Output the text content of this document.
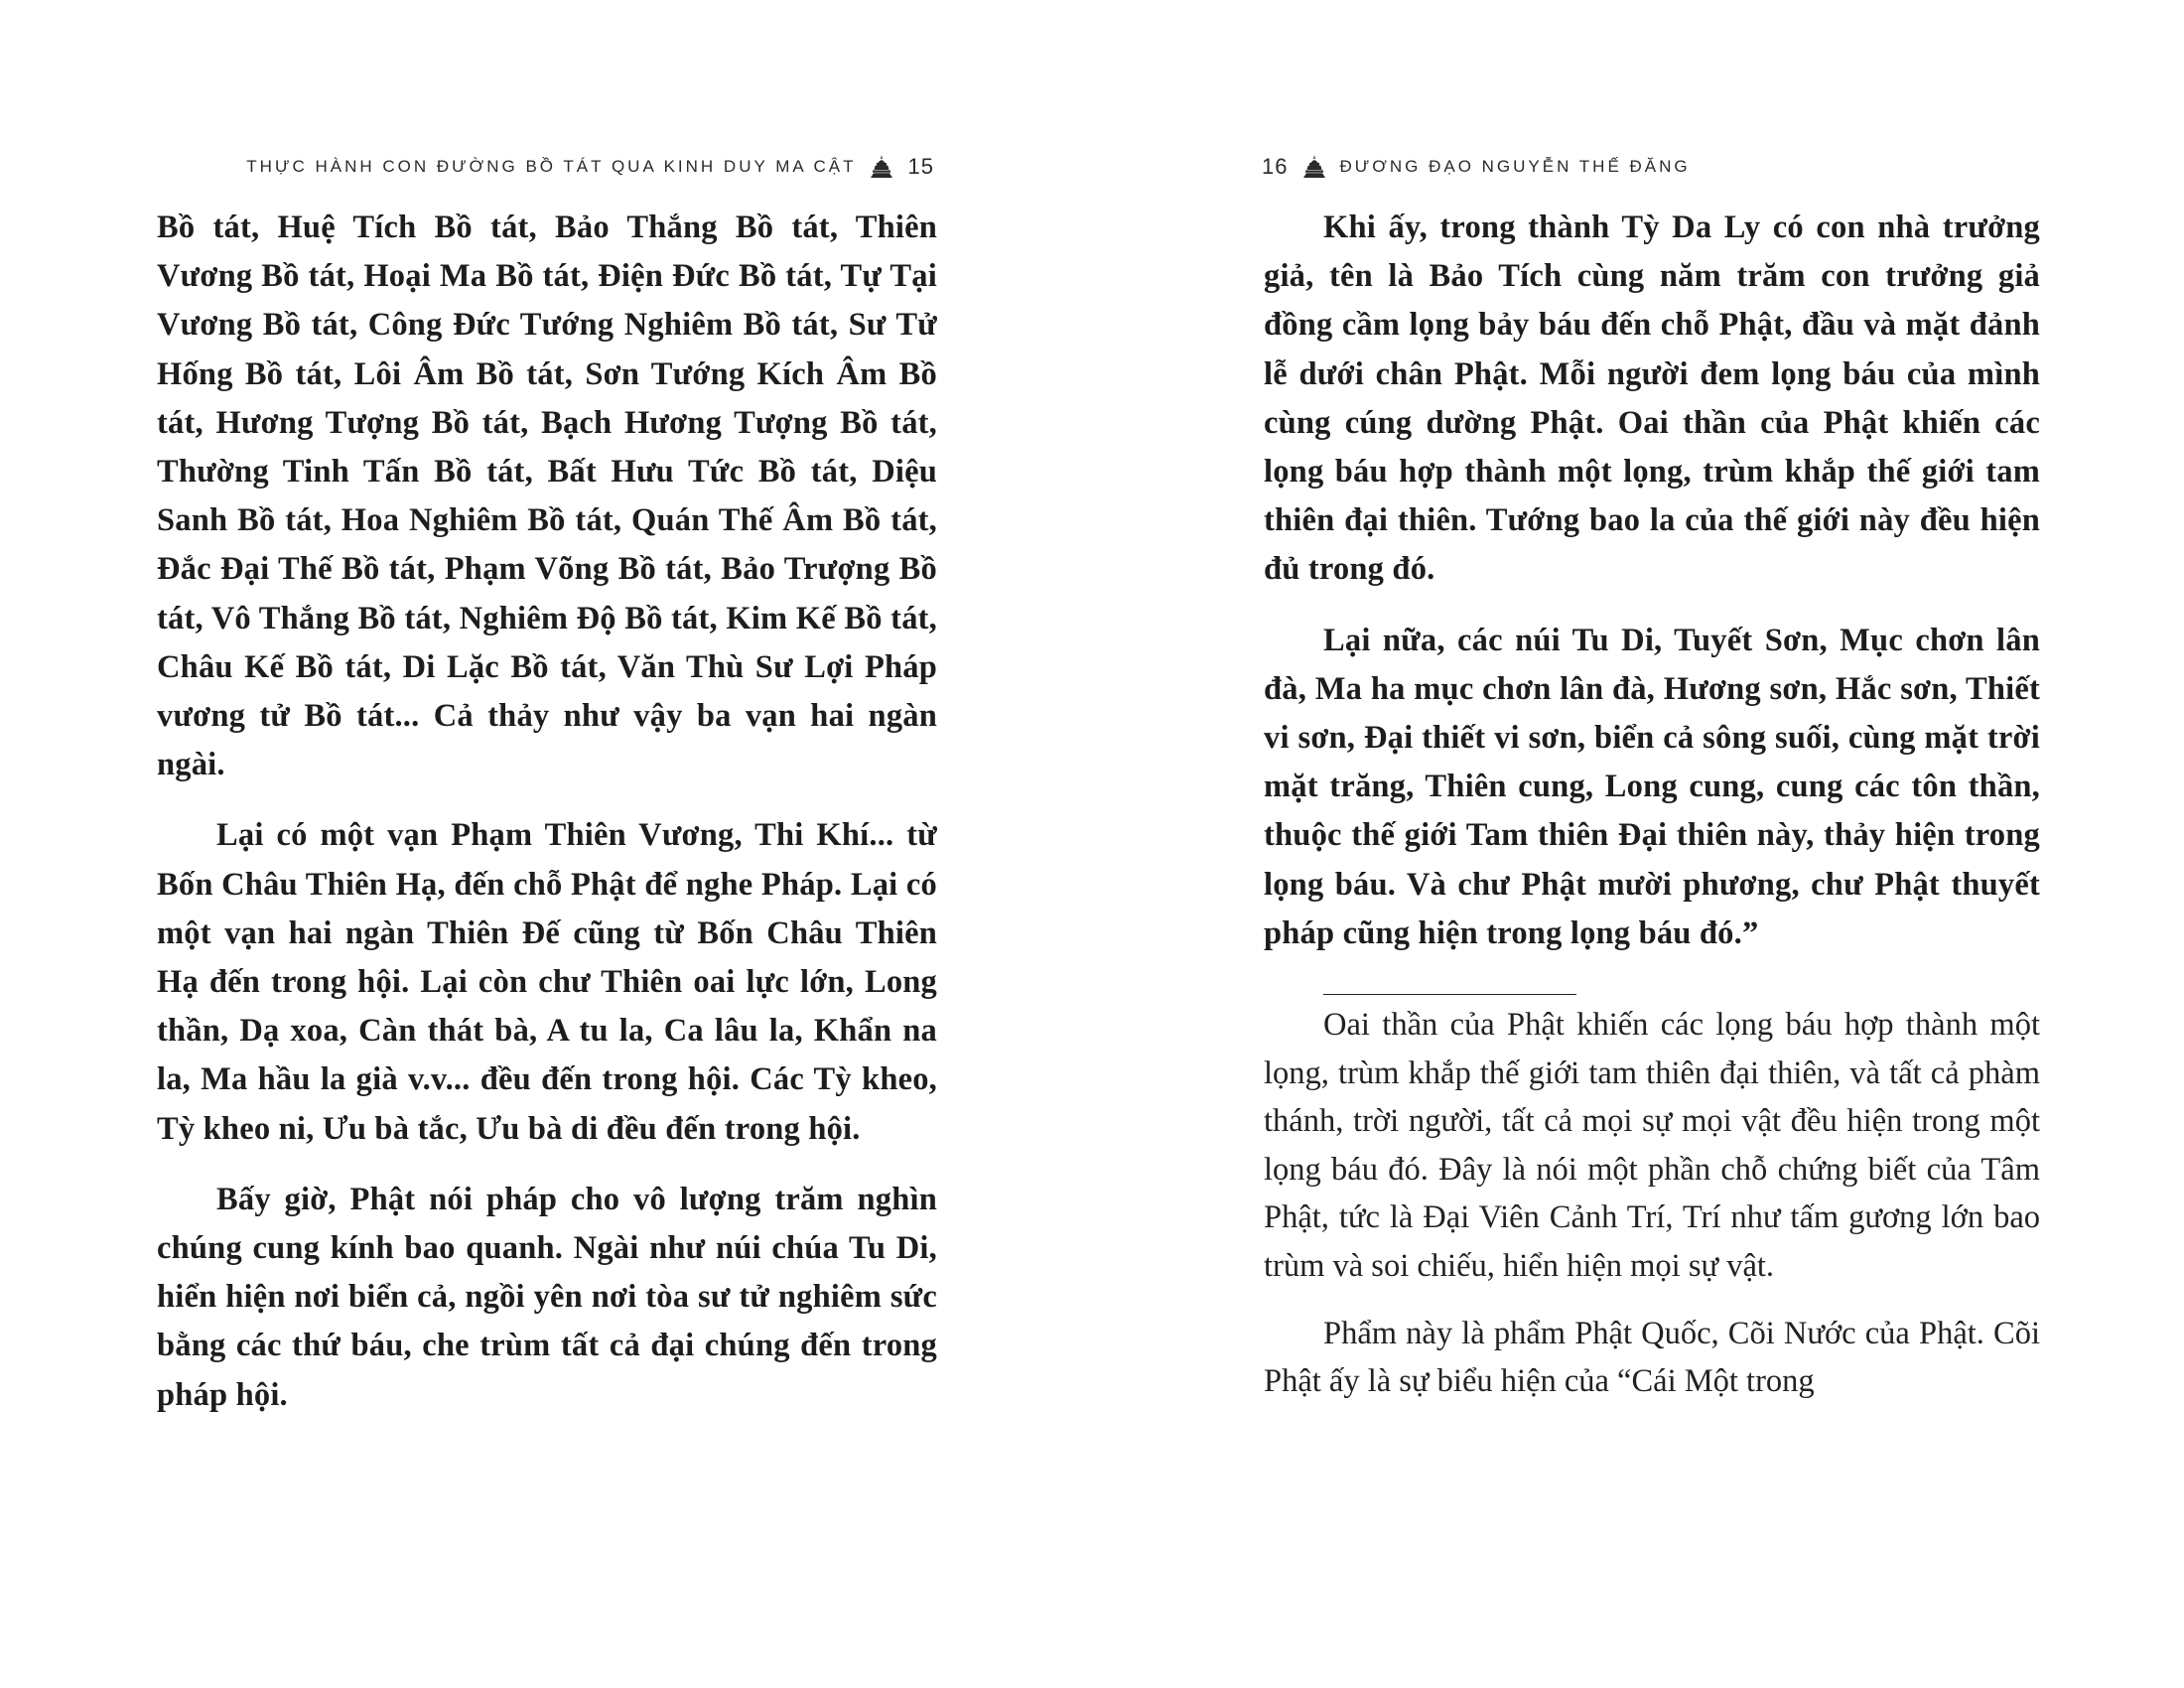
THỰC HÀNH CON ĐƯỜNG BỒ TÁT QUA KINH DUY MA CẬT 15

Bồ tát, Huệ Tích Bồ tát, Bảo Thắng Bồ tát, Thiên Vương Bồ tát, Hoại Ma Bồ tát, Điện Đức Bồ tát, Tự Tại Vương Bồ tát, Công Đức Tướng Nghiêm Bồ tát, Sư Tử Hống Bồ tát, Lôi Âm Bồ tát, Sơn Tướng Kích Âm Bồ tát, Hương Tượng Bồ tát, Bạch Hương Tượng Bồ tát, Thường Tinh Tấn Bồ tát, Bất Hưu Tức Bồ tát, Diệu Sanh Bồ tát, Hoa Nghiêm Bồ tát, Quán Thế Âm Bồ tát, Đắc Đại Thế Bồ tát, Phạm Võng Bồ tát, Bảo Trượng Bồ tát, Vô Thắng Bồ tát, Nghiêm Độ Bồ tát, Kim Kế Bồ tát, Châu Kế Bồ tát, Di Lặc Bồ tát, Văn Thù Sư Lợi Pháp vương tử Bồ tát... Cả thảy như vậy ba vạn hai ngàn ngài.

Lại có một vạn Phạm Thiên Vương, Thi Khí... từ Bốn Châu Thiên Hạ, đến chỗ Phật để nghe Pháp. Lại có một vạn hai ngàn Thiên Đế cũng từ Bốn Châu Thiên Hạ đến trong hội. Lại còn chư Thiên oai lực lớn, Long thần, Dạ xoa, Càn thát bà, A tu la, Ca lâu la, Khẩn na la, Ma hầu la già v.v... đều đến trong hội. Các Tỳ kheo, Tỳ kheo ni, Ưu bà tắc, Ưu bà di đều đến trong hội.

Bấy giờ, Phật nói pháp cho vô lượng trăm nghìn chúng cung kính bao quanh. Ngài như núi chúa Tu Di, hiển hiện nơi biển cả, ngồi yên nơi tòa sư tử nghiêm sức bằng các thứ báu, che trùm tất cả đại chúng đến trong pháp hội.

16	ĐƯƠNG ĐẠO NGUYỄN THẾ ĐĂNG

Khi ấy, trong thành Tỳ Da Ly có con nhà trưởng giả, tên là Bảo Tích cùng năm trăm con trưởng giả đồng cầm lọng bảy báu đến chỗ Phật, đầu và mặt đảnh lễ dưới chân Phật. Mỗi người đem lọng báu của mình cùng cúng dường Phật. Oai thần của Phật khiến các lọng báu hợp thành một lọng, trùm khắp thế giới tam thiên đại thiên. Tướng bao la của thế giới này đều hiện đủ trong đó.

Lại nữa, các núi Tu Di, Tuyết Sơn, Mục chơn lân đà, Ma ha mục chơn lân đà, Hương sơn, Hắc sơn, Thiết vi sơn, Đại thiết vi sơn, biển cả sông suối, cùng mặt trời mặt trăng, Thiên cung, Long cung, cung các tôn thần, thuộc thế giới Tam thiên Đại thiên này, thảy hiện trong lọng báu. Và chư Phật mười phương, chư Phật thuyết pháp cũng hiện trong lọng báu đó.”

Oai thần của Phật khiến các lọng báu hợp thành một lọng, trùm khắp thế giới tam thiên đại thiên, và tất cả phàm thánh, trời người, tất cả mọi sự mọi vật đều hiện trong một lọng báu đó. Đây là nói một phần chỗ chứng biết của Tâm Phật, tức là Đại Viên Cảnh Trí, Trí như tấm gương lớn bao trùm và soi chiếu, hiển hiện mọi sự vật.

Phẩm này là phẩm Phật Quốc, Cõi Nước của Phật. Cõi Phật ấy là sự biểu hiện của “Cái Một trong
